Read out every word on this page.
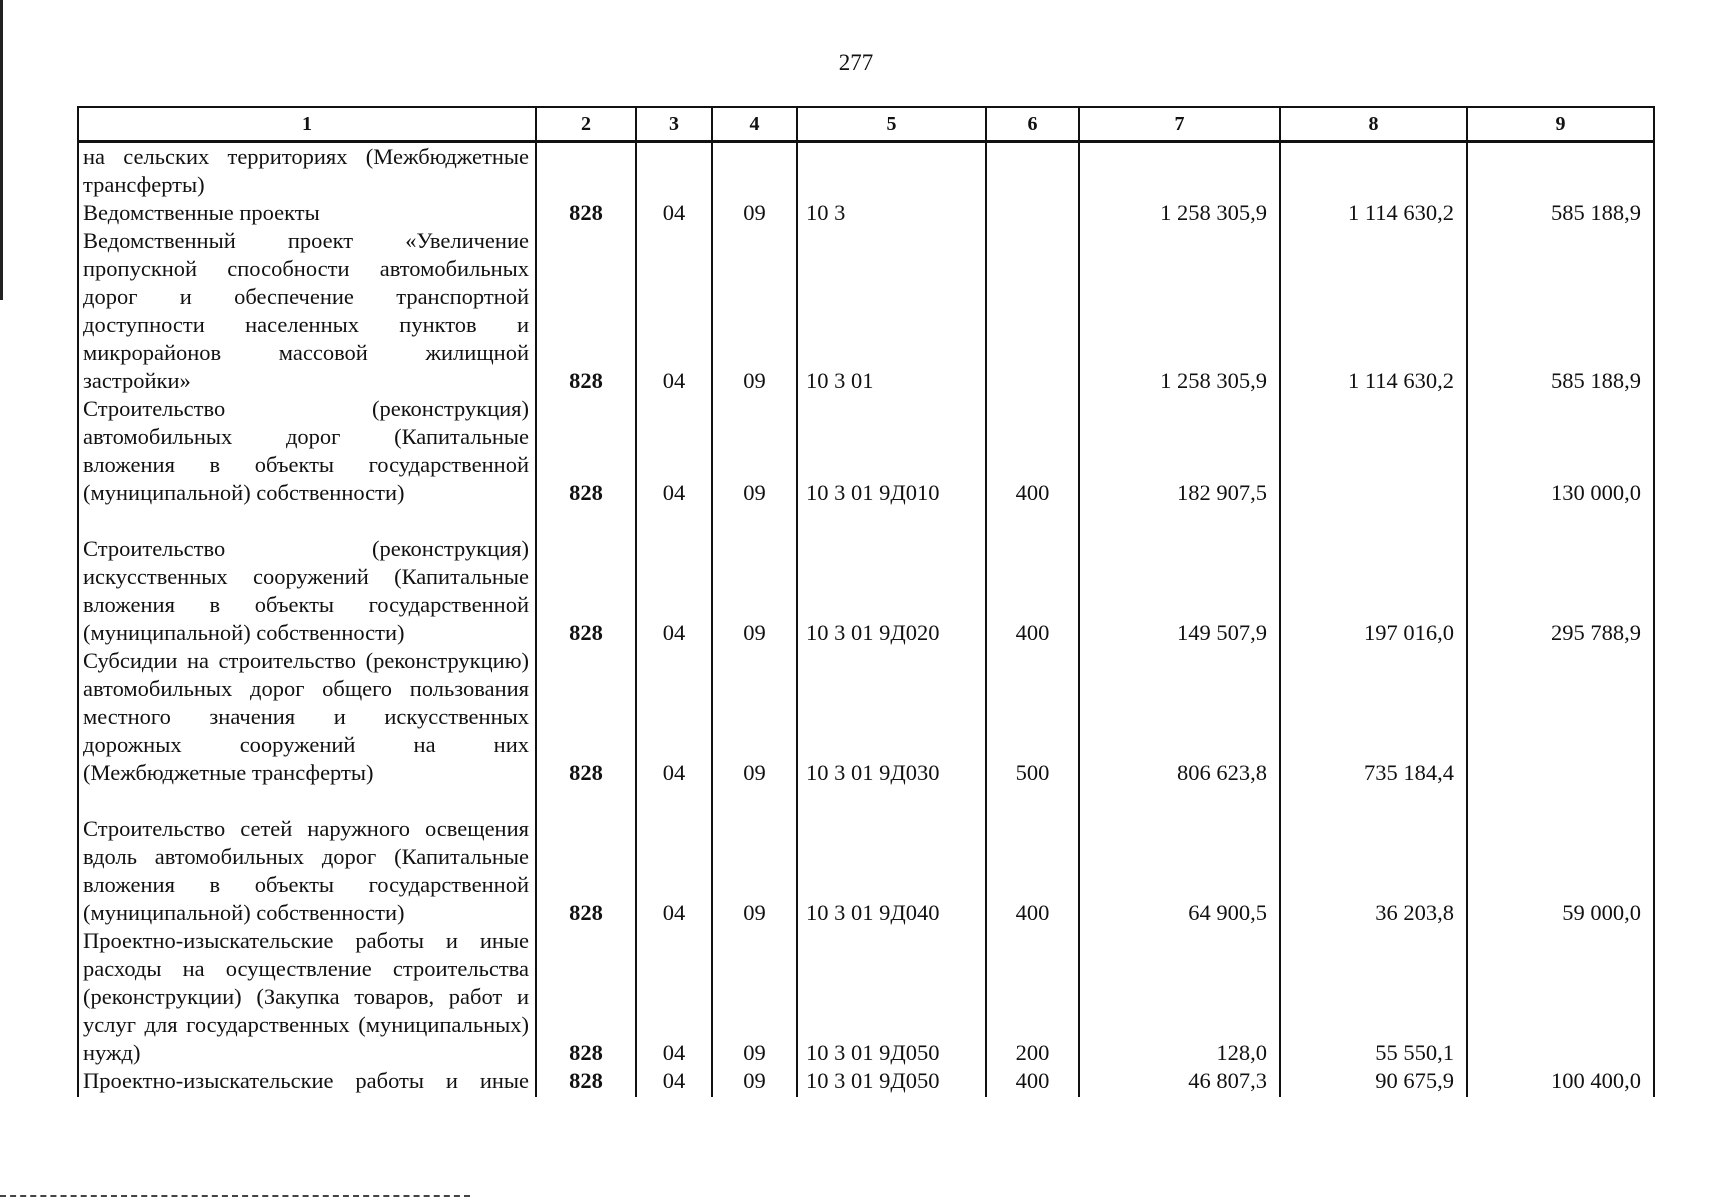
277
1	2	3	4	5	6	7	8	9
на сельских территориях (Межбюджетные трансферты)								
Ведомственные проекты	828	04	09	10 3		1 258 305,9	1 114 630,2	585 188,9
Ведомственный проект «Увеличение пропускной способности автомобильных дорог и обеспечение транспортной доступности населенных пунктов и микрорайонов массовой жилищной застройки»	828	04	09	10 3 01		1 258 305,9	1 114 630,2	585 188,9
Строительство (реконструкция) автомобильных дорог (Капитальные вложения в объекты государственной (муниципальной) собственности)	828	04	09	10 3 01 9Д010	400	182 907,5		130 000,0
Строительство (реконструкция) искусственных сооружений (Капитальные вложения в объекты государственной (муниципальной) собственности)	828	04	09	10 3 01 9Д020	400	149 507,9	197 016,0	295 788,9
Субсидии на строительство (реконструкцию) автомобильных дорог общего пользования местного значения и искусственных дорожных сооружений на них (Межбюджетные трансферты)	828	04	09	10 3 01 9Д030	500	806 623,8	735 184,4	
Строительство сетей наружного освещения вдоль автомобильных дорог (Капитальные вложения в объекты государственной (муниципальной) собственности)	828	04	09	10 3 01 9Д040	400	64 900,5	36 203,8	59 000,0
Проектно-изыскательские работы и иные расходы на осуществление строительства (реконструкции) (Закупка товаров, работ и услуг для государственных (муниципальных) нужд)	828	04	09	10 3 01 9Д050	200	128,0	55 550,1	
Проектно-изыскательские работы и иные	828	04	09	10 3 01 9Д050	400	46 807,3	90 675,9	100 400,0
